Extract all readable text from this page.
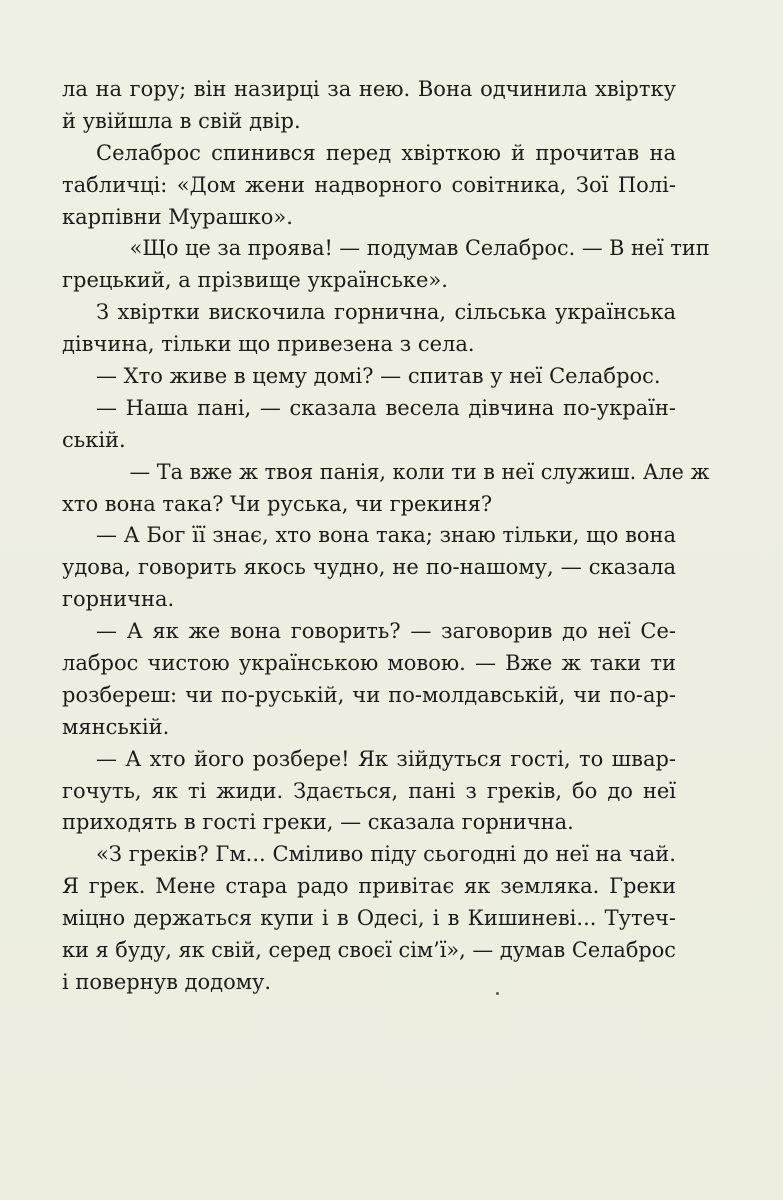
ла на гору; він назирці за нею. Вона одчинила хвіртку
й увійшла в свій двір.
Селаброс спинився перед хвірткою й прочитав на
табличці: «Дом жени надворного совітника, Зої Полі-
карпівни Мурашко».
«Що це за проява! — подумав Селаброс. — В неї тип
грецький, а прізвище українське».
З хвіртки вискочила горнична, сільська українська
дівчина, тільки що привезена з села.
— Хто живе в цему домі? — спитав у неї Селаброс.
— Наша пані, — сказала весела дівчина по-україн-
ській.
— Та вже ж твоя панія, коли ти в неї служиш. Але ж
хто вона така? Чи руська, чи грекиня?
— А Бог її знає, хто вона така; знаю тільки, що вона
удова, говорить якось чудно, не по-нашому, — сказала
горнична.
— А як же вона говорить? — заговорив до неї Се-
лаброс чистою українською мовою. — Вже ж таки ти
розбереш: чи по-руській, чи по-молдавській, чи по-ар-
мянській.
— А хто його розбере! Як зійдуться гості, то швар-
гочуть, як ті жиди. Здається, пані з греків, бо до неї
приходять в гості греки, — сказала горнична.
«З греків? Гм... Сміливо піду сьогодні до неї на чай.
Я грек. Мене стара радо привітає як земляка. Греки
міцно держаться купи і в Одесі, і в Кишиневі... Тутеч-
ки я буду, як свій, серед своєї сім’ї», — думав Селаброс
і повернув додому.
